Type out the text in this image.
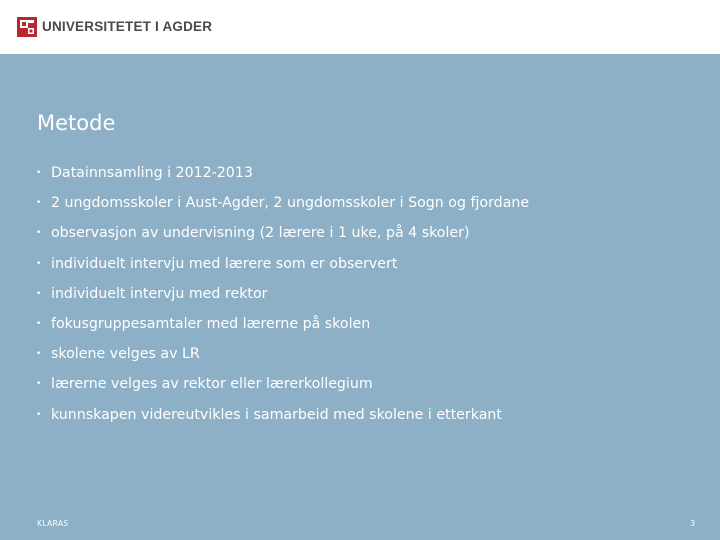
UNIVERSITETET I AGDER
Metode
• Datainnsamling i 2012-2013
• 2 ungdomsskoler i Aust-Agder, 2 ungdomsskoler i Sogn og fjordane
• observasjon av undervisning (2 lærere i 1 uke, på 4 skoler)
• individuelt intervju med lærere som er observert
• individuelt intervju med rektor
• fokusgruppesamtaler med lærerne på skolen
• skolene velges av LR
• lærerne velges av rektor eller lærerkollegium
• kunnskapen videreutvikles i samarbeid med skolene i etterkant
KLARAS	3
